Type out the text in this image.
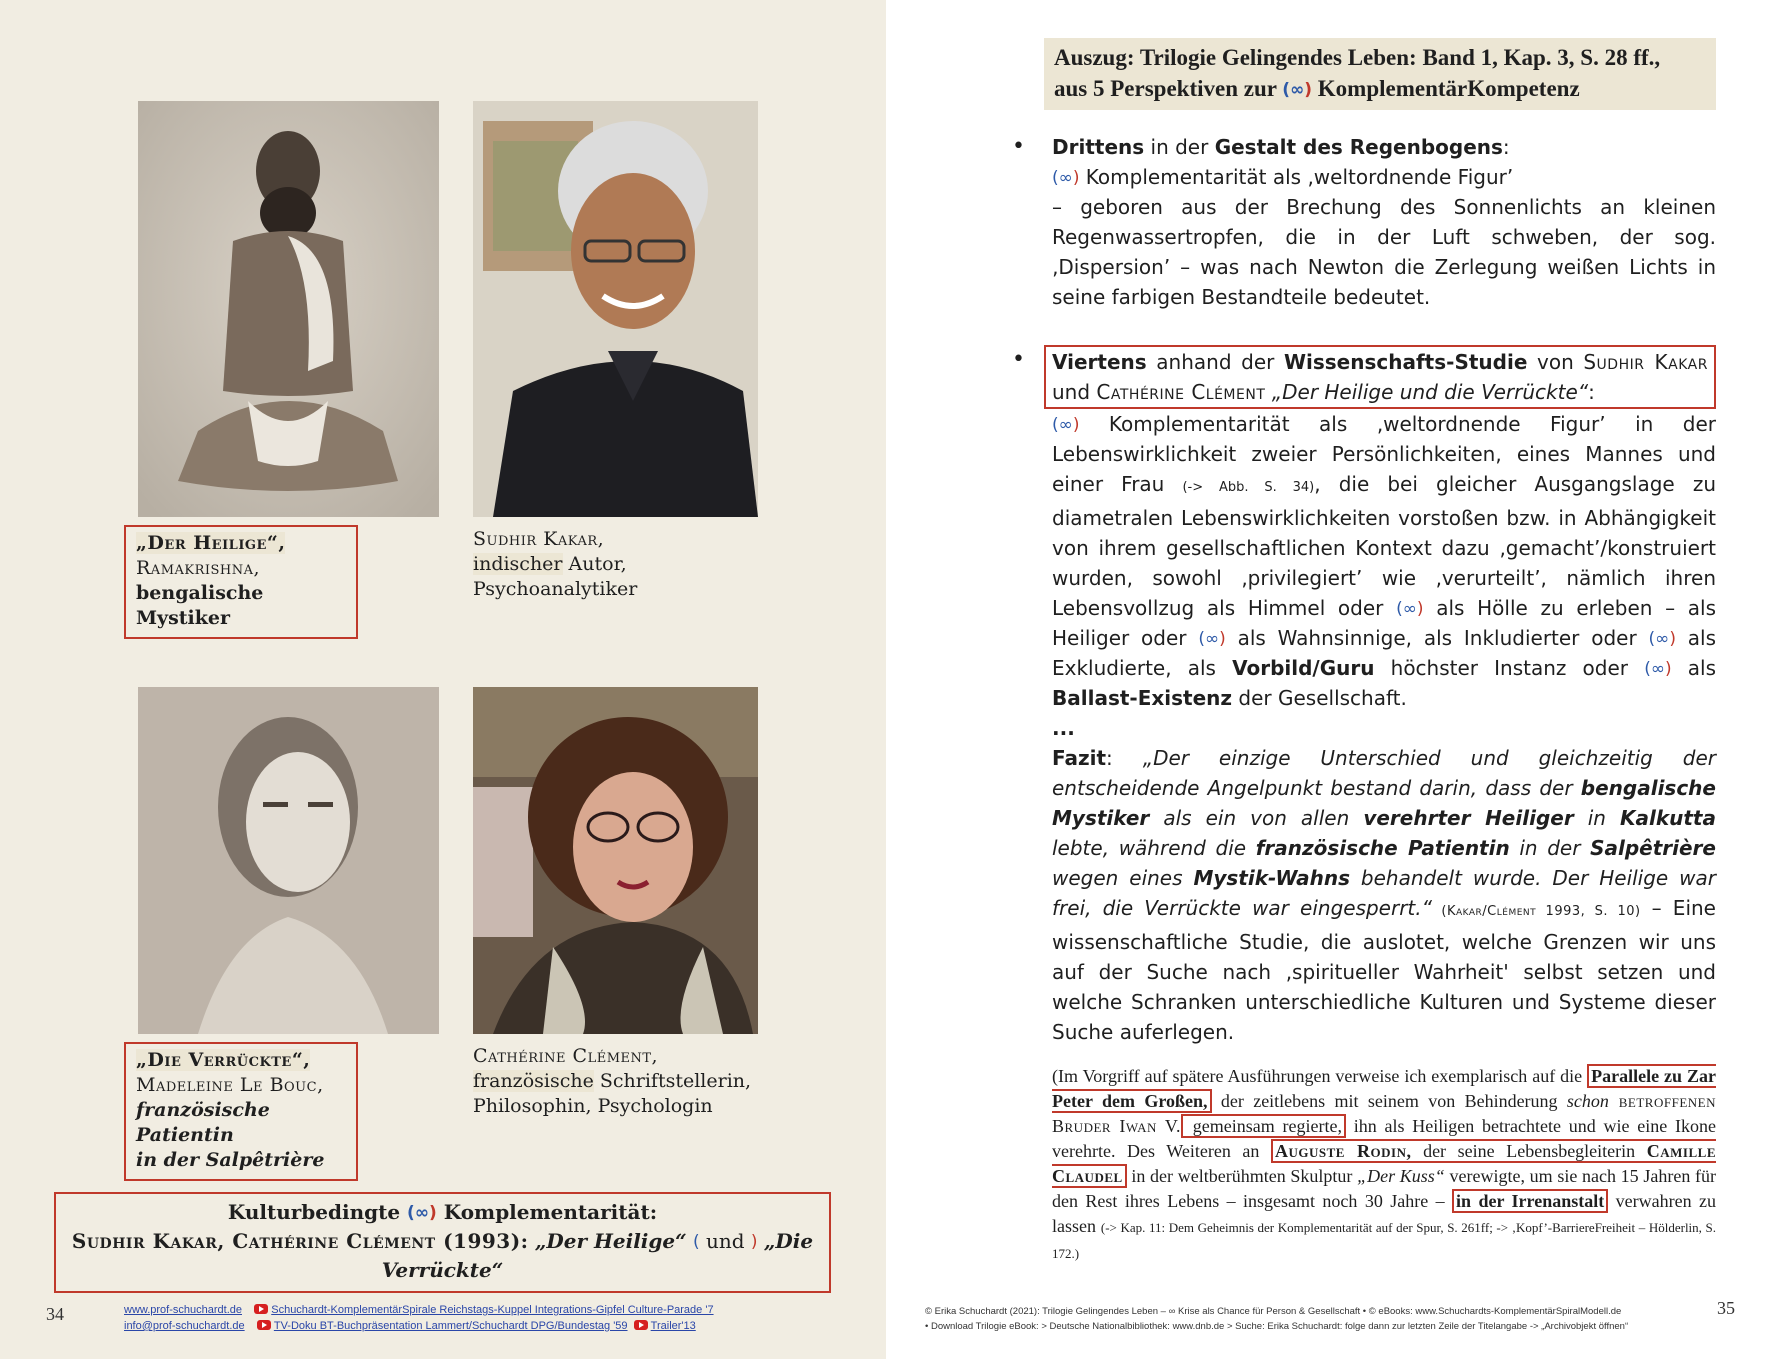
„Der Heilige“,
Ramakrishna,
bengalische Mystiker
Sudhir Kakar,
indischer Autor,
Psychoanalytiker
„Die Verrückte“,
Madeleine Le Bouc,
französische Patientin
in der Salpêtrière
Cathérine Clément,
französische Schriftstellerin,
Philosophin, Psychologin
Kulturbedingte (∞) Komplementarität:
Sudhir Kakar, Cathérine Clément (1993): „Der Heilige“ ( und ) „Die Verrückte“
34	www.prof-schuchardt.de	Schuchardt-KomplementärSpirale Reichstags-Kuppel Integrations-Gipfel Culture-Parade '7
info@prof-schuchardt.de	TV-Doku BT-Buchpräsentation Lammert/Schuchardt DPG/Bundestag '59 Trailer'13
Auszug: Trilogie Gelingendes Leben: Band 1, Kap. 3, S. 28 ff.,
aus 5 Perspektiven zur (∞) KomplementärKompetenz
• Drittens in der Gestalt des Regenbogens:
(∞) Komplementarität als ‚weltordnende Figur’
– geboren aus der Brechung des Sonnenlichts an kleinen Regenwassertropfen, die in der Luft schweben, der sog. ‚Dispersion’ – was nach Newton die Zerlegung weißen Lichts in seine farbigen Bestandteile bedeutet.
•	Viertens anhand der Wissenschafts-Studie von Sudhir Kakar und Cathérine Clément „Der Heilige und die Verrückte“:
(∞) Komplementarität als ‚weltordnende Figur’ in der Lebenswirklichkeit zweier Persönlichkeiten, eines Mannes und einer Frau (-> Abb. S. 34), die bei gleicher Ausgangslage zu diametralen Lebenswirklichkeiten vorstoßen bzw. in Abhängigkeit von ihrem gesellschaftlichen Kontext dazu ‚gemacht’/konstruiert wurden, sowohl ‚privilegiert’ wie ‚verurteilt’, nämlich ihren Lebensvollzug als Himmel oder (∞) als Hölle zu erleben – als Heiliger oder (∞) als Wahnsinnige, als Inkludierter oder (∞) als Exkludierte, als Vorbild/Guru höchster Instanz oder (∞) als Ballast-Existenz der Gesellschaft.
...
Fazit: „Der einzige Unterschied und gleichzeitig der entscheidende Angelpunkt bestand darin, dass der bengalische Mystiker als ein von allen verehrter Heiliger in Kalkutta lebte, während die französische Patientin in der Salpêtrière wegen eines Mystik-Wahns behandelt wurde. Der Heilige war frei, die Verrückte war eingesperrt.“ (Kakar/Clément 1993, S. 10) – Eine wissenschaftliche Studie, die auslotet, welche Grenzen wir uns auf der Suche nach ‚spiritueller Wahrheit' selbst setzen und welche Schranken unterschiedliche Kulturen und Systeme dieser Suche auferlegen.
(Im Vorgriff auf spätere Ausführungen verweise ich exemplarisch auf die Parallele zu Zar Peter dem Großen, der zeitlebens mit seinem von Behinderung schon betroffenen Bruder Iwan V. gemeinsam regierte, ihn als Heiligen betrachtete und wie eine Ikone verehrte. Des Weiteren an Auguste Rodin, der seine Lebensbegleiterin Camille Claudel in der weltberühmten Skulptur „Der Kuss“ verewigte, um sie nach 15 Jahren für den Rest ihres Lebens – insgesamt noch 30 Jahre – in der Irrenanstalt verwahren zu lassen (-> Kap. 11: Dem Geheimnis der Komplementarität auf der Spur, S. 261ff; -> ‚Kopf’-BarriereFreiheit – Hölderlin, S. 172.)
© Erika Schuchardt (2021): Trilogie Gelingendes Leben – ∞ Krise als Chance für Person & Gesellschaft • © eBooks: www.Schuchardts-KomplementärSpiralModell.de
• Download Trilogie eBook: > Deutsche Nationalbibliothek: www.dnb.de > Suche: Erika Schuchardt: folge dann zur letzten Zeile der Titelangabe -> „Archivobjekt öffnen“
35
